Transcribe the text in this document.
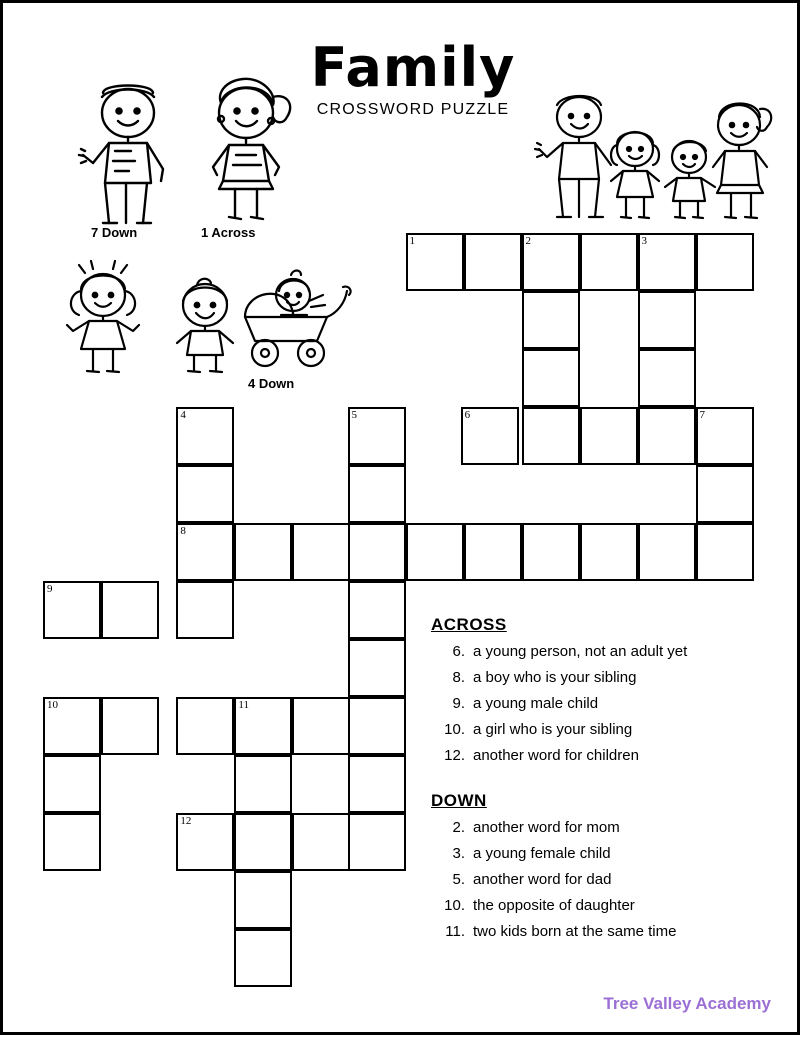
Family
CROSSWORD PUZZLE
7 Down	1 Across
4 Down
1	2	3
4	5	6	7
8
9
10	11
12
ACROSS
6. a young person, not an adult yet
8. a boy who is your sibling
9. a young male child
10. a girl who is your sibling
12. another word for children
DOWN
2. another word for mom
3. a young female child
5. another word for dad
10. the opposite of daughter
11. two kids born at the same time
Tree Valley Academy
